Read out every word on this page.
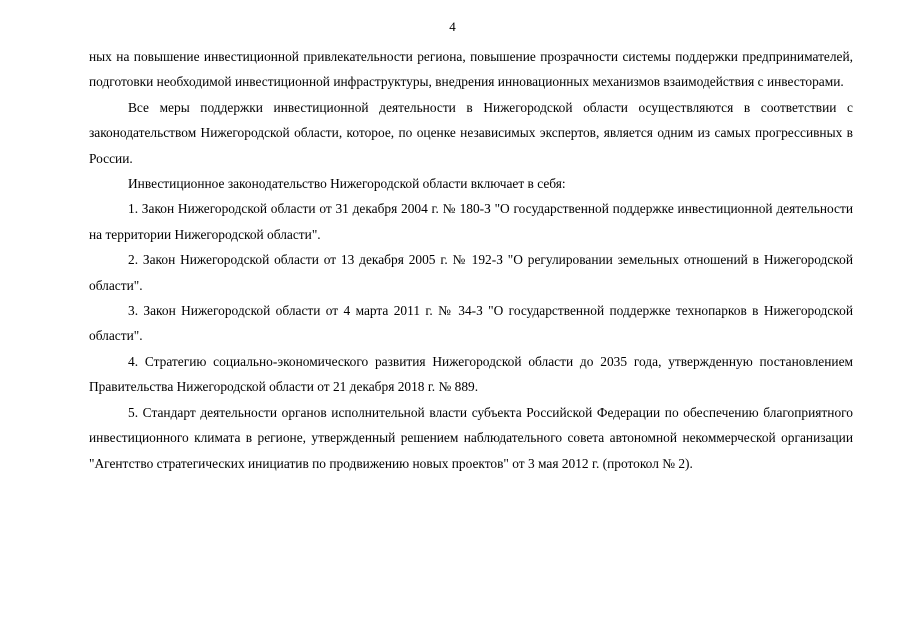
4

ных на повышение инвестиционной привлекательности региона, повышение прозрачности системы поддержки предпринимателей, подготовки необходимой инвестиционной инфраструктуры, внедрения инновационных механизмов взаимодействия с инвесторами.

Все меры поддержки инвестиционной деятельности в Нижегородской области осуществляются в соответствии с законодательством Нижегородской области, которое, по оценке независимых экспертов, является одним из самых прогрессивных в России.

Инвестиционное законодательство Нижегородской области включает в себя:

1. Закон Нижегородской области от 31 декабря 2004 г. № 180-З "О государственной поддержке инвестиционной деятельности на территории Нижегородской области".

2. Закон Нижегородской области от 13 декабря 2005 г. № 192-З "О регулировании земельных отношений в Нижегородской области".

3. Закон Нижегородской области от 4 марта 2011 г. № 34-З "О государственной поддержке технопарков в Нижегородской области".

4. Стратегию социально-экономического развития Нижегородской области до 2035 года, утвержденную постановлением Правительства Нижегородской области от 21 декабря 2018 г. № 889.

5. Стандарт деятельности органов исполнительной власти субъекта Российской Федерации по обеспечению благоприятного инвестиционного климата в регионе, утвержденный решением наблюдательного совета автономной некоммерческой организации "Агентство стратегических инициатив по продвижению новых проектов" от 3 мая 2012 г. (протокол № 2).
